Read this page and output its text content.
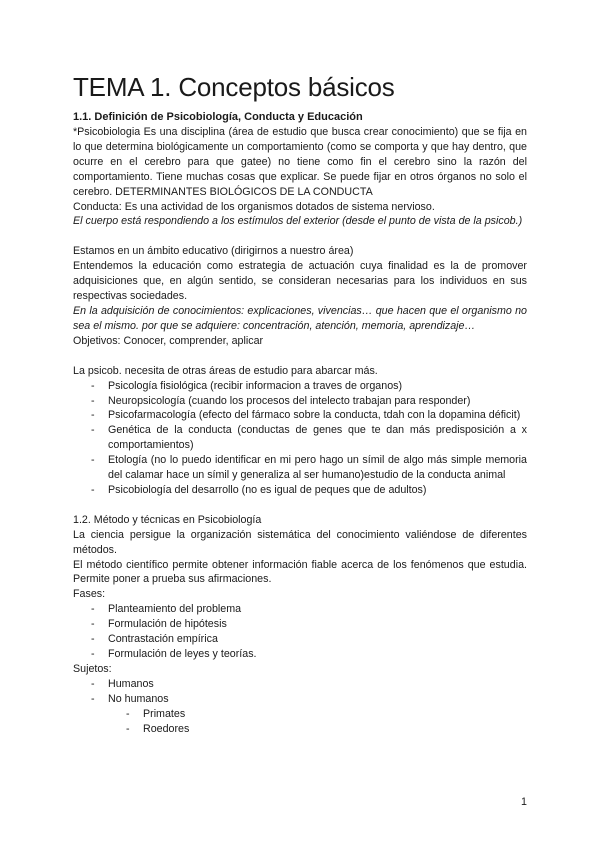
TEMA 1. Conceptos básicos
1.1. Definición de Psicobiología, Conducta y Educación

*Psicobiologia Es una disciplina (área de estudio que busca crear conocimiento) que se fija en lo que determina biológicamente un comportamiento (como se comporta y que hay dentro, que ocurre en el cerebro para que gatee) no tiene como fin el cerebro sino la razón del comportamiento. Tiene muchas cosas que explicar. Se puede fijar en otros órganos no solo el cerebro. DETERMINANTES BIOLÓGICOS DE LA CONDUCTA

Conducta: Es una actividad de los organismos dotados de sistema nervioso.

El cuerpo está respondiendo a los estímulos del exterior (desde el punto de vista de la psicob.)

Estamos en un ámbito educativo (dirigirnos a nuestro área)

Entendemos la educación como estrategia de actuación cuya finalidad es la de promover adquisiciones que, en algún sentido, se consideran necesarias para los individuos en sus respectivas sociedades.

En la adquisición de conocimientos: explicaciones, vivencias… que hacen que el organismo no sea el mismo. por que se adquiere: concentración, atención, memoria, aprendizaje…

Objetivos: Conocer, comprender, aplicar

La psicob. necesita de otras áreas de estudio para abarcar más.

- Psicología fisiológica (recibir informacion a traves de organos)
- Neuropsicología (cuando los procesos del intelecto trabajan para responder)
- Psicofarmacología (efecto del fármaco sobre la conducta, tdah con la dopamina déficit)
- Genética de la conducta (conductas de genes que te dan más predisposición a x comportamientos)
- Etología (no lo puedo identificar en mi pero hago un símil de algo más simple memoria del calamar hace un símil y generaliza al ser humano)estudio de la conducta animal
- Psicobiología del desarrollo (no es igual de peques que de adultos)

1.2. Método y técnicas en Psicobiología

La ciencia persigue la organización sistemática del conocimiento valiéndose de diferentes métodos.

El método científico permite obtener información fiable acerca de los fenómenos que estudia. Permite poner a prueba sus afirmaciones.

Fases:

- Planteamiento del problema
- Formulación de hipótesis
- Contrastación empírica
- Formulación de leyes y teorías.

Sujetos:

- Humanos
- No humanos
- Primates
- Roedores
1
